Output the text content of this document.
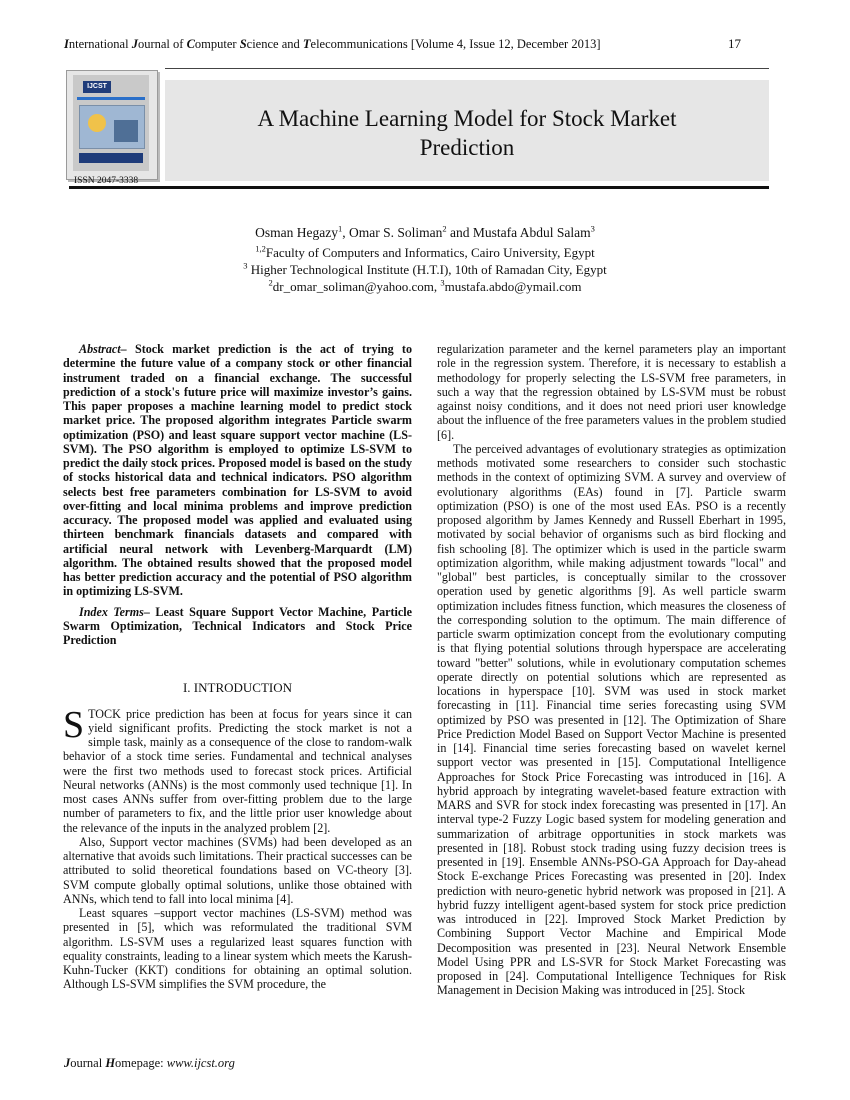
International Journal of Computer Science and Telecommunications [Volume 4, Issue 12, December 2013]	17
IJCST
ISSN 2047-3338
A Machine Learning Model for Stock Market
Prediction
Osman Hegazy$^1$, Omar S. Soliman$^2$ and Mustafa Abdul Salam$^3$
$^{1,2}$Faculty of Computers and Informatics, Cairo University, Egypt
$^3$ Higher Technological Institute (H.T.I), 10th of Ramadan City, Egypt
$^2$dr_omar_soliman@yahoo.com, $^3$mustafa.abdo@ymail.com

Abstract– Stock market prediction is the act of trying to determine the future value of a company stock or other financial instrument traded on a financial exchange. The successful prediction of a stock's future price will maximize investor’s gains. This paper proposes a machine learning model to predict stock market price. The proposed algorithm integrates Particle swarm optimization (PSO) and least square support vector machine (LS-SVM). The PSO algorithm is employed to optimize LS-SVM to predict the daily stock prices. Proposed model is based on the study of stocks historical data and technical indicators. PSO algorithm selects best free parameters combination for LS-SVM to avoid over-fitting and local minima problems and improve prediction accuracy. The proposed model was applied and evaluated using thirteen benchmark financials datasets and compared with artificial neural network with Levenberg-Marquardt (LM) algorithm. The obtained results showed that the proposed model has better prediction accuracy and the potential of PSO algorithm in optimizing LS-SVM.

Index Terms– Least Square Support Vector Machine, Particle Swarm Optimization, Technical Indicators and Stock Price Prediction

I. INTRODUCTION

STOCK price prediction has been at focus for years since it can yield significant profits. Predicting the stock market is not a simple task, mainly as a consequence of the close to random-walk behavior of a stock time series. Fundamental and technical analyses were the first two methods used to forecast stock prices. Artificial Neural networks (ANNs) is the most commonly used technique [1]. In most cases ANNs suffer from over-fitting problem due to the large number of parameters to fix, and the little prior user knowledge about the relevance of the inputs in the analyzed problem [2].

Also, Support vector machines (SVMs) had been developed as an alternative that avoids such limitations. Their practical successes can be attributed to solid theoretical foundations based on VC-theory [3]. SVM compute globally optimal solutions, unlike those obtained with ANNs, which tend to fall into local minima [4].

Least squares –support vector machines (LS-SVM) method was presented in [5], which was reformulated the traditional SVM algorithm. LS-SVM uses a regularized least squares function with equality constraints, leading to a linear system which meets the Karush-Kuhn-Tucker (KKT) conditions for obtaining an optimal solution. Although LS-SVM simplifies the SVM procedure, the

regularization parameter and the kernel parameters play an important role in the regression system. Therefore, it is necessary to establish a methodology for properly selecting the LS-SVM free parameters, in such a way that the regression obtained by LS-SVM must be robust against noisy conditions, and it does not need priori user knowledge about the influence of the free parameters values in the problem studied [6].

The perceived advantages of evolutionary strategies as optimization methods motivated some researchers to consider such stochastic methods in the context of optimizing SVM. A survey and overview of evolutionary algorithms (EAs) found in [7]. Particle swarm optimization (PSO) is one of the most used EAs. PSO is a recently proposed algorithm by James Kennedy and Russell Eberhart in 1995, motivated by social behavior of organisms such as bird flocking and fish schooling [8]. The optimizer which is used in the particle swarm optimization algorithm, while making adjustment towards "local" and "global" best particles, is conceptually similar to the crossover operation used by genetic algorithms [9]. As well particle swarm optimization includes fitness function, which measures the closeness of the corresponding solution to the optimum. The main difference of particle swarm optimization concept from the evolutionary computing is that flying potential solutions through hyperspace are accelerating toward "better" solutions, while in evolutionary computation schemes operate directly on potential solutions which are represented as locations in hyperspace [10]. SVM was used in stock market forecasting in [11]. Financial time series forecasting using SVM optimized by PSO was presented in [12]. The Optimization of Share Price Prediction Model Based on Support Vector Machine is presented in [14]. Financial time series forecasting based on wavelet kernel support vector was presented in [15]. Computational Intelligence Approaches for Stock Price Forecasting was introduced in [16]. A hybrid approach by integrating wavelet-based feature extraction with MARS and SVR for stock index forecasting was presented in [17]. An interval type-2 Fuzzy Logic based system for modeling generation and summarization of arbitrage opportunities in stock markets was presented in [18]. Robust stock trading using fuzzy decision trees is presented in [19]. Ensemble ANNs-PSO-GA Approach for Day-ahead Stock E-exchange Prices Forecasting was presented in [20]. Index prediction with neuro-genetic hybrid network was proposed in [21]. A hybrid fuzzy intelligent agent-based system for stock price prediction was introduced in [22]. Improved Stock Market Prediction by Combining Support Vector Machine and Empirical Mode Decomposition was presented in [23]. Neural Network Ensemble Model Using PPR and LS-SVR for Stock Market Forecasting was proposed in [24]. Computational Intelligence Techniques for Risk Management in Decision Making was introduced in [25]. Stock

Journal Homepage: www.ijcst.org
